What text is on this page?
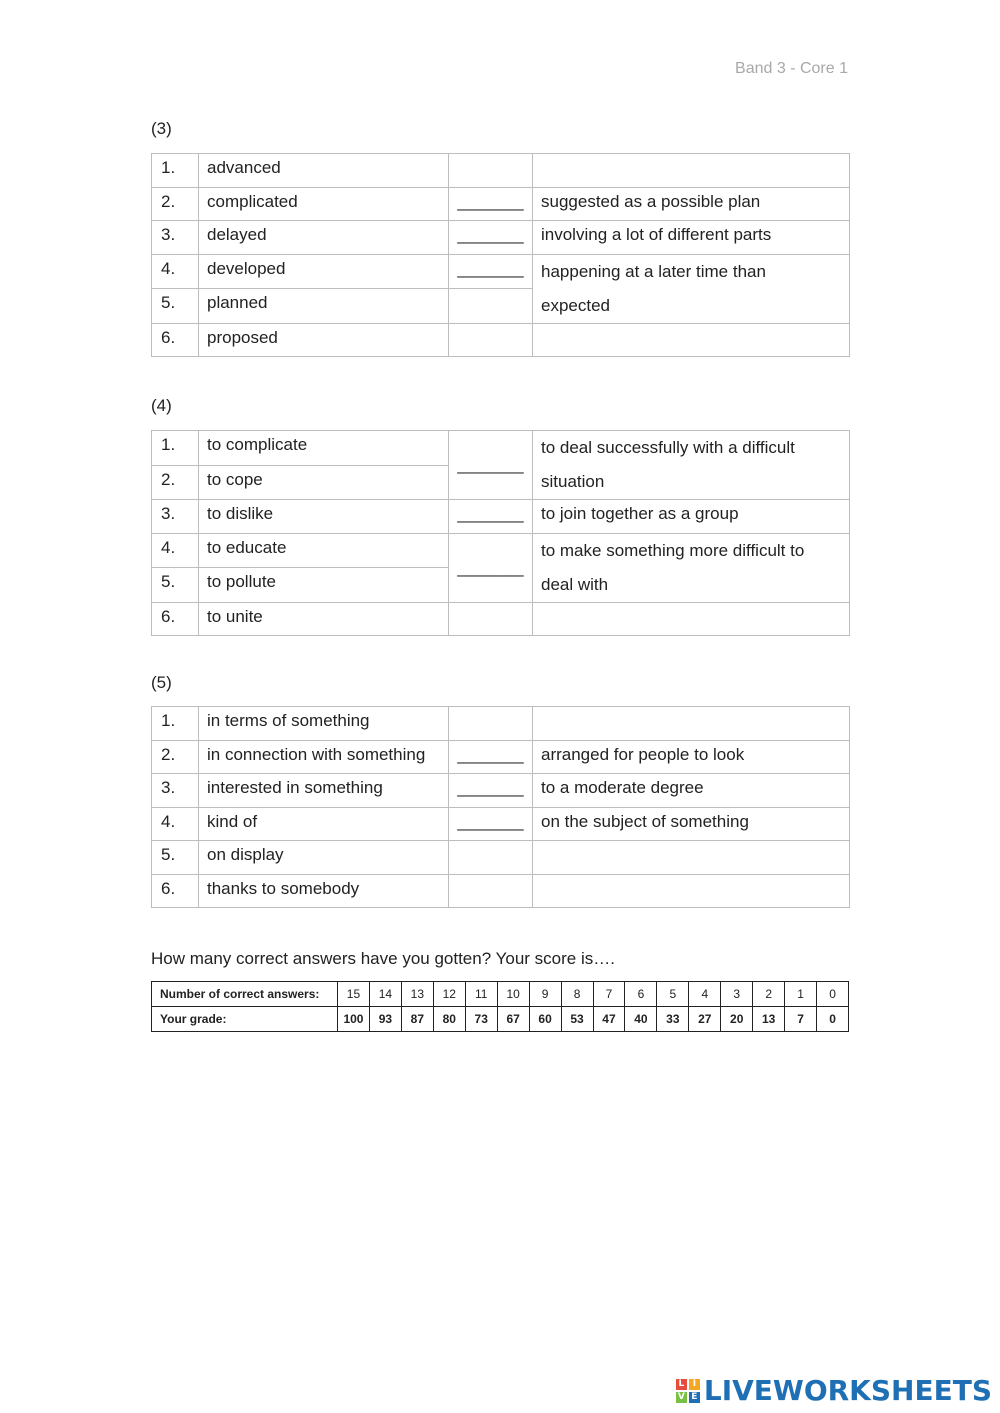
Band 3 - Core 1
(3)
1.	advanced		
2.	complicated	_______	suggested as a possible plan
3.	delayed	_______	involving a lot of different parts
4.	developed	_______	happening at a later time than
expected

5.	planned		
6.	proposed		
(4)
1.	to complicate	_______	to deal successfully with a difficult
situation

2.	to cope		
3.	to dislike	_______	to join together as a group
4.	to educate	_______	to make something more difficult to
deal with

5.	to pollute		
6.	to unite		
(5)
1.	in terms of something		
2.	in connection with something	_______	arranged for people to look
3.	interested in something	_______	to a moderate degree
4.	kind of	_______	on the subject of something
5.	on display		
6.	thanks to somebody		
How many correct answers have you gotten? Your score is….
Number of correct answers:	15	14	13	12	11	10	9	8	7	6	5	4	3	2	1	0
Your grade:	100	93	87	80	73	67	60	53	47	40	33	27	20	13	7	0
L I
V E LIVEWORKSHEETS
